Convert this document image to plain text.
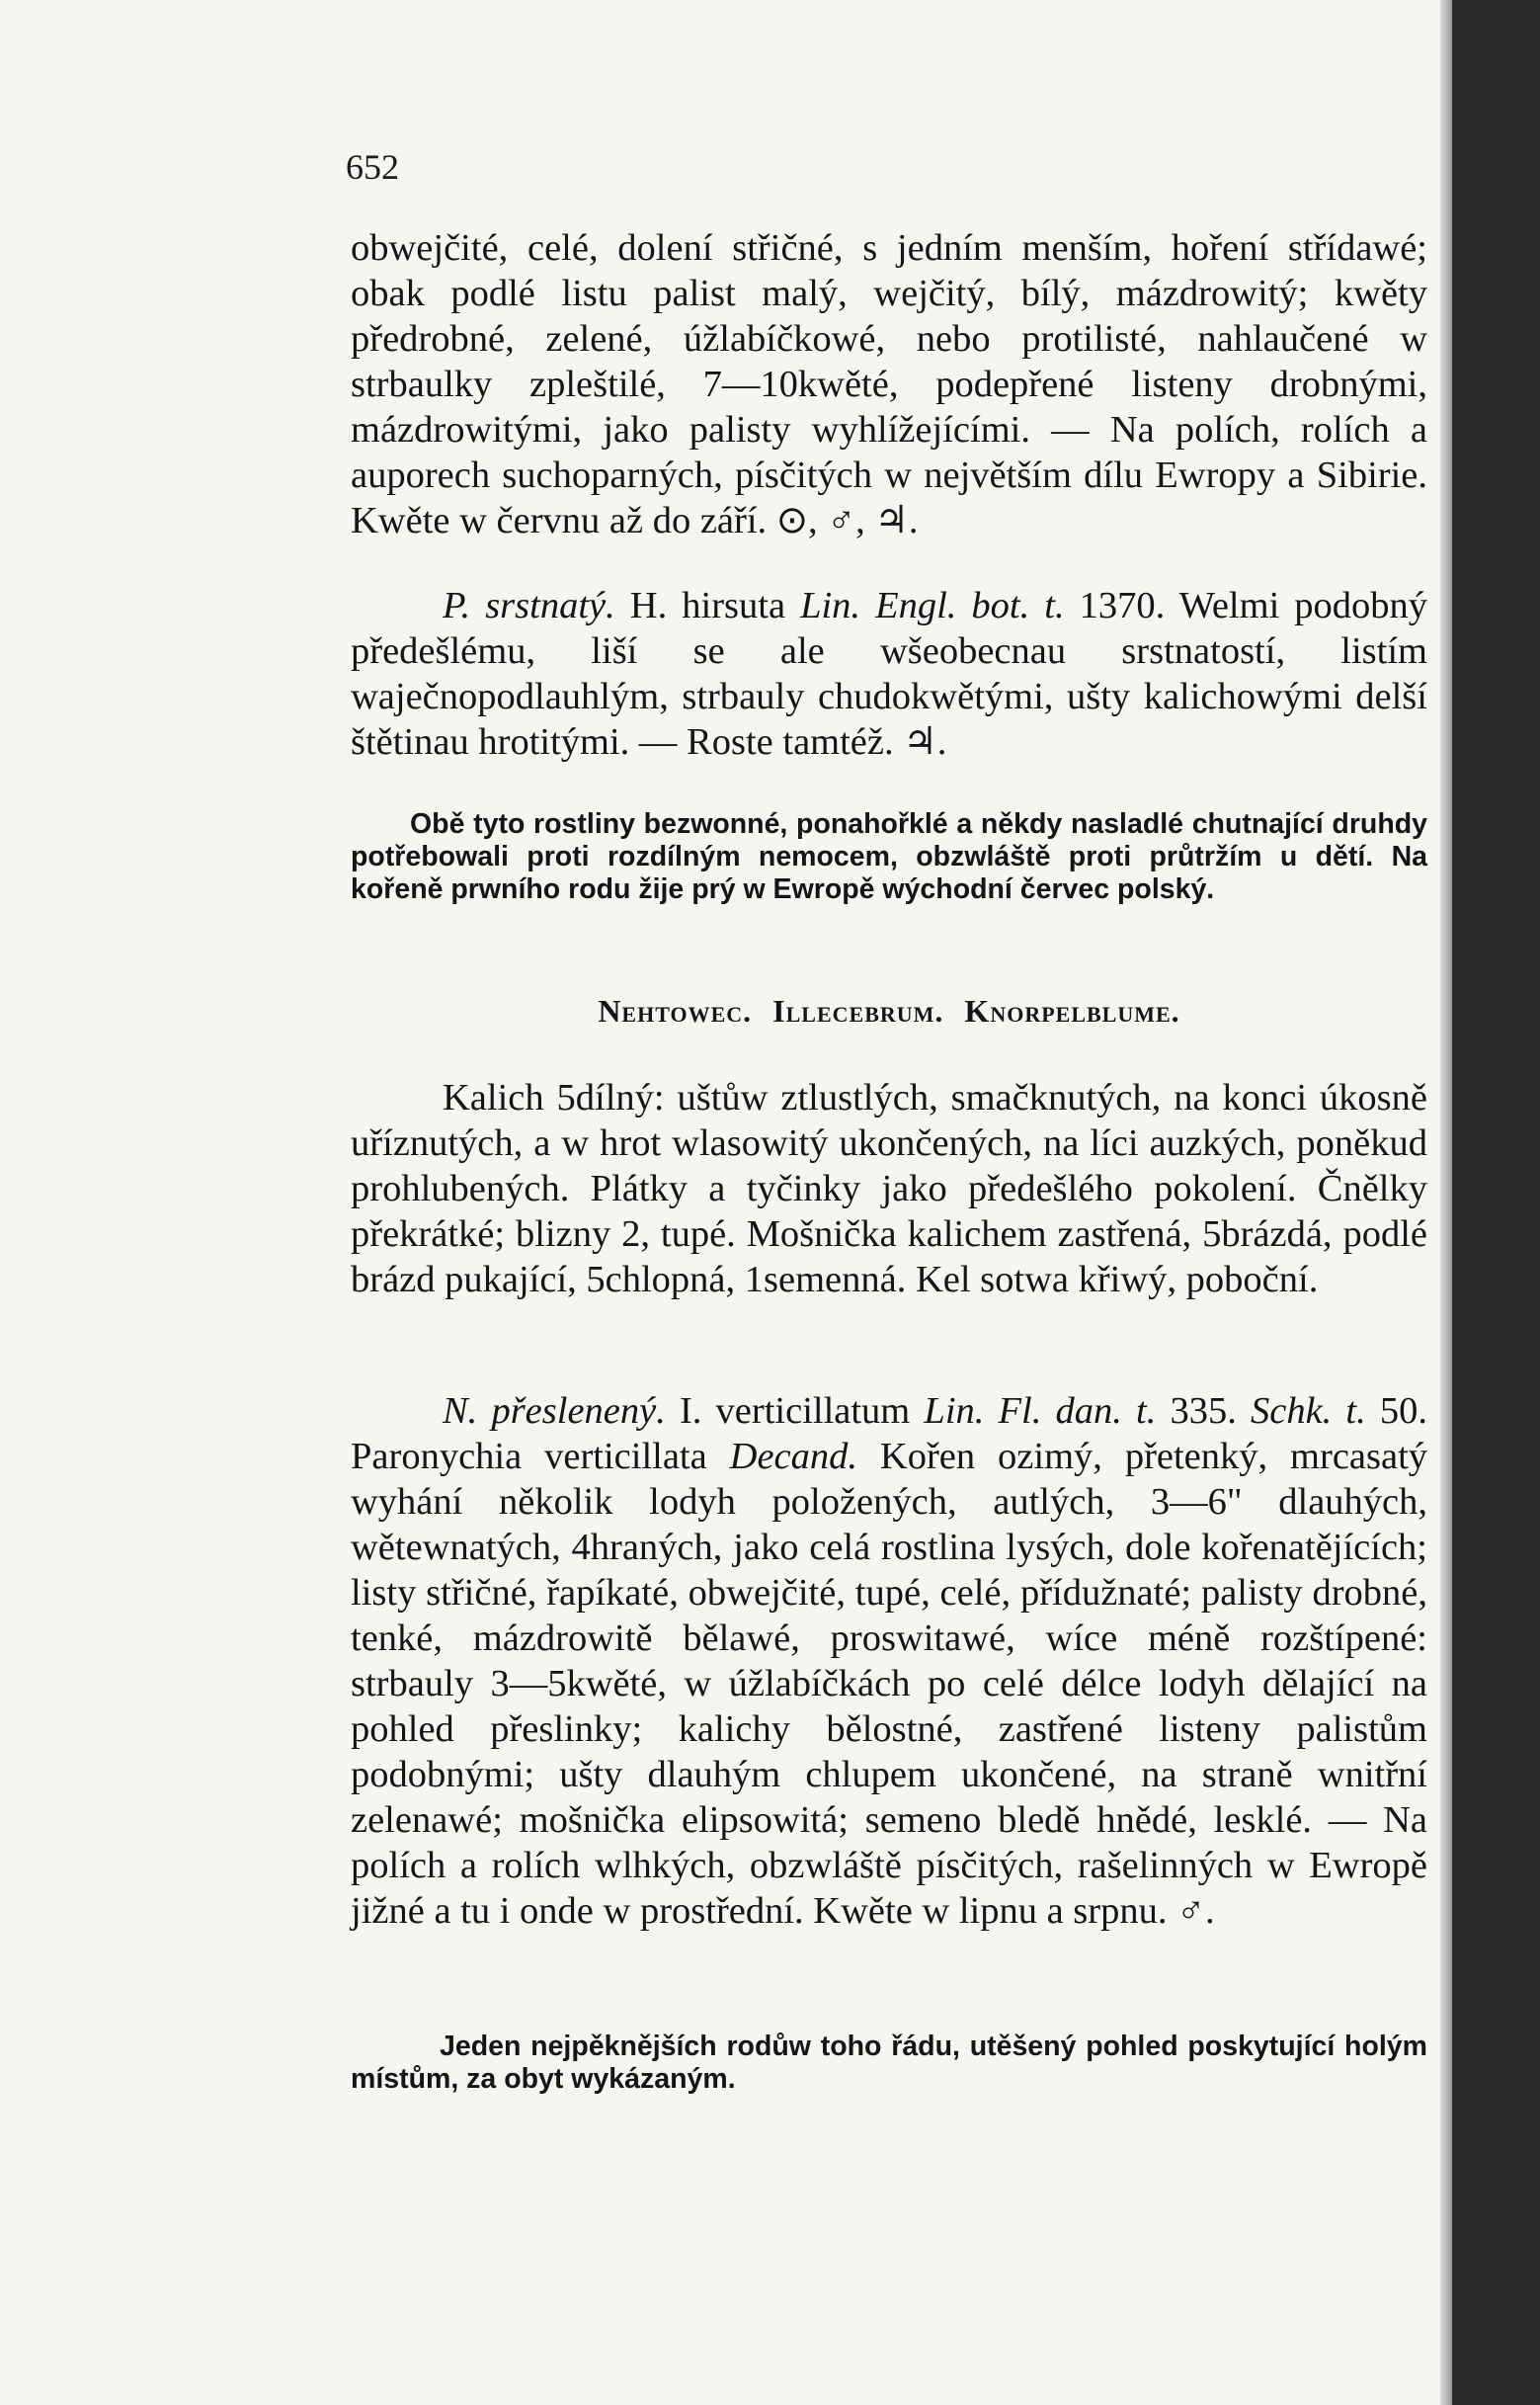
652

obwejčité, celé, dolení střičné, s jedním menším, hoření střídawé; obak podlé listu palist malý, wejčitý, bílý, mázdrowitý; kwěty předrobné, zelené, úžlabíčkowé, nebo protilisté, nahlaučené w strbaulky zpleštilé, 7—10kwěté, podepřené listeny drobnými, mázdrowitými, jako palisty wyhlížejícími. — Na polích, rolích a auporech suchoparných, písčitých w největším dílu Ewropy a Sibirie. Kwěte w červnu až do září. ⊙, ♂, ♃.

P. srstnatý. H. hirsuta Lin. Engl. bot. t. 1370. Welmi podobný předešlému, liší se ale wšeobecnau srstnatostí, listím waječnopodlauhlým, strbauly chudokwětými, ušty kalichowými delší štětinau hrotitými. — Roste tamtéž. ♃.

Obě tyto rostliny bezwonné, ponahořklé a někdy nasladlé chutnající druhdy potřebowali proti rozdílným nemocem, obzwláště proti průtržím u dětí. Na kořeně prwního rodu žije prý w Ewropě wýchodní červec polský.

Nehtowec. Illecebrum. Knorpelblume.

Kalich 5dílný: uštůw ztlustlých, smačknutých, na konci úkosně uříznutých, a w hrot wlasowitý ukončených, na líci auzkých, poněkud prohlubených. Plátky a tyčinky jako předešlého pokolení. Čnělky překrátké; blizny 2, tupé. Mošnička kalichem zastřená, 5brázdá, podlé brázd pukající, 5chlopná, 1semenná. Kel sotwa křiwý, poboční.

N. přeslenený. I. verticillatum Lin. Fl. dan. t. 335. Schk. t. 50. Paronychia verticillata Decand. Kořen ozimý, přetenký, mrcasatý wyhání několik lodyh položených, autlých, 3—6" dlauhých, wětewnatých, 4hraných, jako celá rostlina lysých, dole kořenatějících; listy střičné, řapíkaté, obwejčité, tupé, celé, přídužnaté; palisty drobné, tenké, mázdrowitě bělawé, proswitawé, wíce méně rozštípené: strbauly 3—5kwěté, w úžlabíčkách po celé délce lodyh dělající na pohled přeslinky; kalichy bělostné, zastřené listeny palistům podobnými; ušty dlauhým chlupem ukončené, na straně wnitřní zelenawé; mošnička elipsowitá; semeno bledě hnědé, lesklé. — Na polích a rolích wlhkých, obzwláště písčitých, rašelinných w Ewropě jižné a tu i onde w prostřední. Kwěte w lipnu a srpnu. ♂.

Jeden nejpěknějších rodůw toho řádu, utěšený pohled poskytující holým místům, za obyt wykázaným.
